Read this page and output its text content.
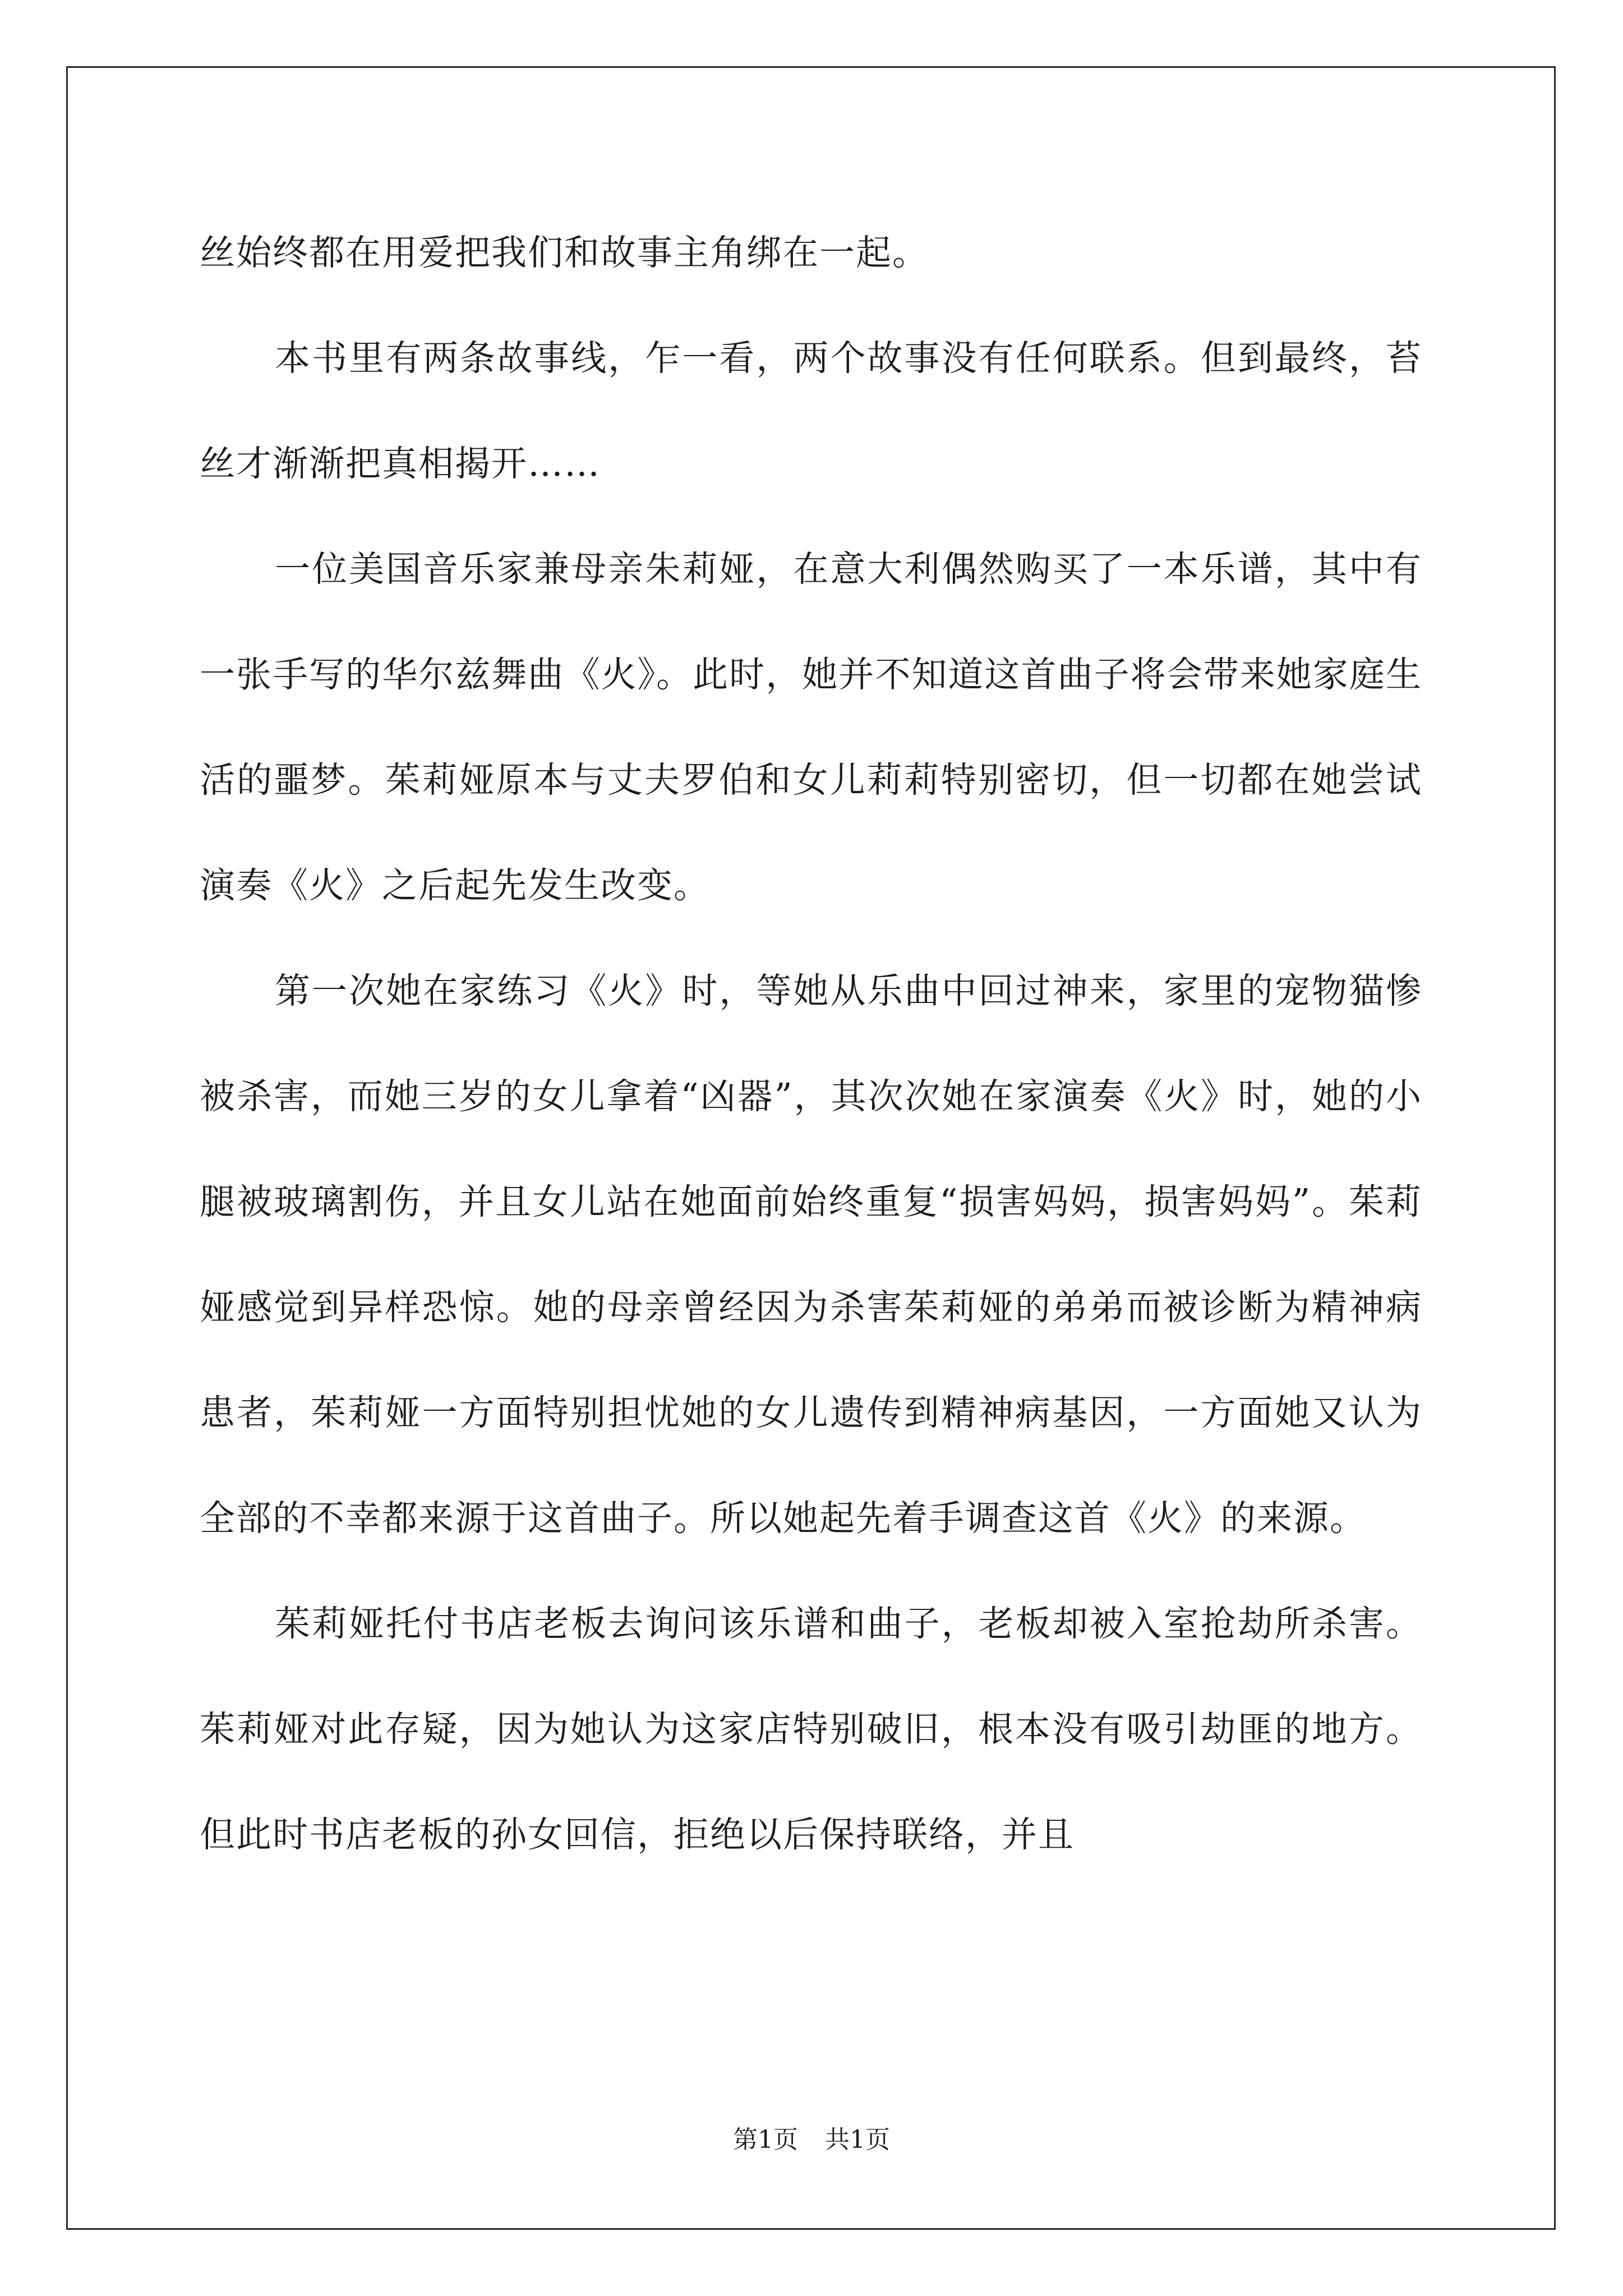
丝始终都在用爱把我们和故事主角绑在一起。

本书里有两条故事线，乍一看，两个故事没有任何联系。但到最终，苔丝才渐渐把真相揭开……

一位美国音乐家兼母亲朱莉娅，在意大利偶然购买了一本乐谱，其中有一张手写的华尔兹舞曲《火》。此时，她并不知道这首曲子将会带来她家庭生活的噩梦。茱莉娅原本与丈夫罗伯和女儿莉莉特别密切，但一切都在她尝试演奏《火》之后起先发生改变。

第一次她在家练习《火》时，等她从乐曲中回过神来，家里的宠物猫惨被杀害，而她三岁的女儿拿着“凶器”，其次次她在家演奏《火》时，她的小腿被玻璃割伤，并且女儿站在她面前始终重复“损害妈妈，损害妈妈”。茱莉娅感觉到异样恐惊。她的母亲曾经因为杀害茱莉娅的弟弟而被诊断为精神病患者，茱莉娅一方面特别担忧她的女儿遗传到精神病基因，一方面她又认为全部的不幸都来源于这首曲子。所以她起先着手调查这首《火》的来源。

茱莉娅托付书店老板去询问该乐谱和曲子，老板却被入室抢劫所杀害。茱莉娅对此存疑，因为她认为这家店特别破旧，根本没有吸引劫匪的地方。但此时书店老板的孙女回信，拒绝以后保持联络，并且

第1页 共1页
